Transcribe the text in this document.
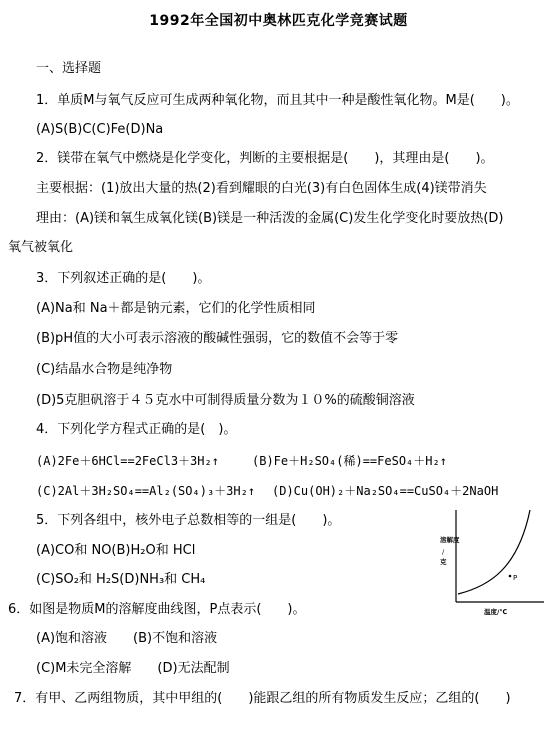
1992年全国初中奥林匹克化学竞赛试题
一、选择题
1．单质M与氧气反应可生成两种氧化物，而且其中一种是酸性氧化物。M是(　　)。
(A)S(B)C(C)Fe(D)Na
2．镁带在氧气中燃烧是化学变化，判断的主要根据是(　　)，其理由是(　　)。
主要根据：(1)放出大量的热(2)看到耀眼的白光(3)有白色固体生成(4)镁带消失
理由：(A)镁和氧生成氧化镁(B)镁是一种活泼的金属(C)发生化学变化时要放热(D)
氧气被氧化
3．下列叙述正确的是(　　)。
(A)Na和 Na＋都是钠元素，它们的化学性质相同
(B)pH值的大小可表示溶液的酸碱性强弱，它的数值不会等于零
(C)结晶水合物是纯净物
(D)5克胆矾溶于４５克水中可制得质量分数为１０%的硫酸铜溶液
4．下列化学方程式正确的是(　)。
(A)2Fe＋6HCl==2FeCl3＋3H₂↑	(B)Fe＋H₂SO₄(稀)==FeSO₄＋H₂↑
(C)2Al＋3H₂SO₄==Al₂(SO₄)₃＋3H₂↑ (D)Cu(OH)₂＋Na₂SO₄==CuSO₄＋2NaOH
5．下列各组中，核外电子总数相等的一组是(　　)。
(A)CO和 NO(B)H₂O和 HCl
(C)SO₂和 H₂S(D)NH₃和 CH₄
6．如图是物质M的溶解度曲线图，P点表示(　　)。
(A)饱和溶液　　(B)不饱和溶液
(C)M未完全溶解　　(D)无法配制
7．有甲、乙两组物质，其中甲组的(　　)能跟乙组的所有物质发生反应；乙组的(　　)
P
溶解度
/
克
温度/℃
